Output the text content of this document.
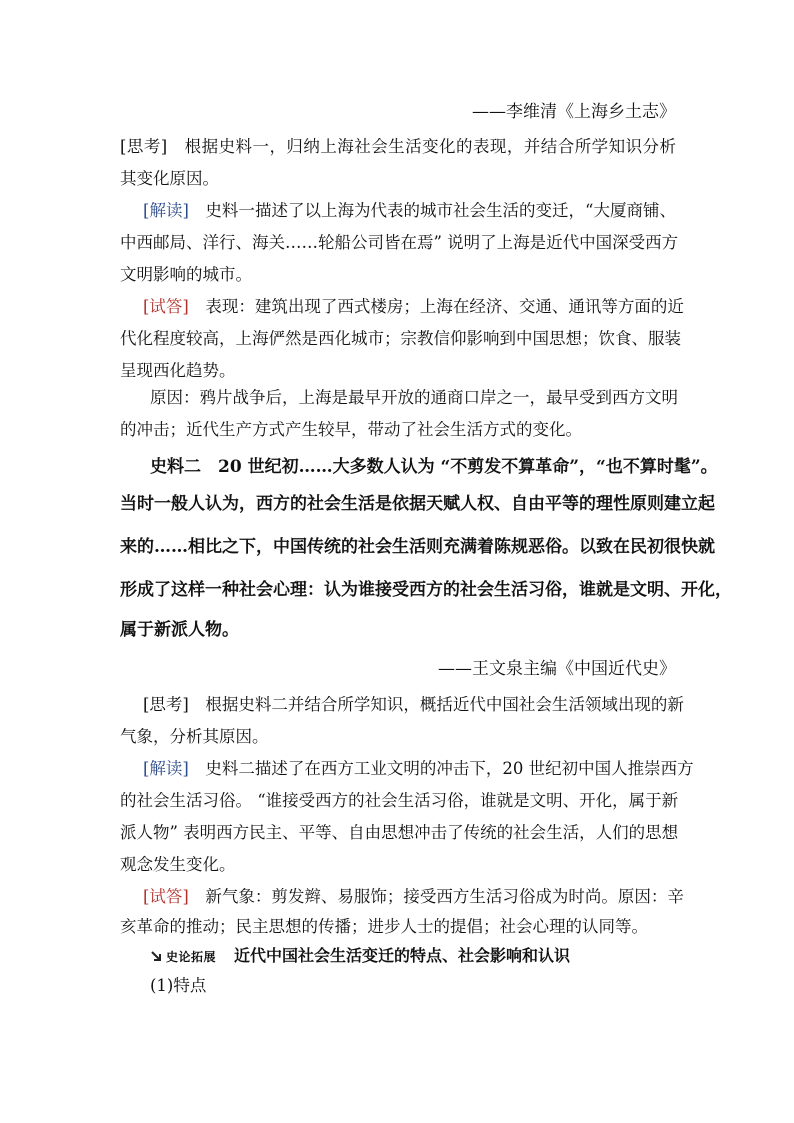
——李维清《上海乡土志》
[思考]　 根据史料一，归纳上海社会生活变化的表现，并结合所学知识分析
其变化原因。
[解读]　 史料一描述了以上海为代表的城市社会生活的变迁，“大厦商铺、
中西邮局、洋行、海关……轮船公司皆在焉” 说明了上海是近代中国深受西方
文明影响的城市。
[试答]　 表现：建筑出现了西式楼房；上海在经济、交通、通讯等方面的近
代化程度较高，上海俨然是西化城市；宗教信仰影响到中国思想；饮食、服装
呈现西化趋势。
原因：鸦片战争后，上海是最早开放的通商口岸之一，最早受到西方文明
的冲击；近代生产方式产生较早，带动了社会生活方式的变化。
史料二　20 世纪初……大多数人认为 “不剪发不算革命”，“也不算时髦”。
当时一般人认为，西方的社会生活是依据天赋人权、自由平等的理性原则建立起
来的……相比之下，中国传统的社会生活则充满着陈规恶俗。以致在民初很快就
形成了这样一种社会心理：认为谁接受西方的社会生活习俗，谁就是文明、开化，
属于新派人物。
——王文泉主编《中国近代史》
[思考]　 根据史料二并结合所学知识，概括近代中国社会生活领域出现的新
气象，分析其原因。
[解读]　 史料二描述了在西方工业文明的冲击下，20 世纪初中国人推崇西方
的社会生活习俗。 “谁接受西方的社会生活习俗，谁就是文明、开化，属于新
派人物” 表明西方民主、平等、自由思想冲击了传统的社会生活，人们的思想
观念发生变化。
[试答]　 新气象：剪发辫、易服饰；接受西方生活习俗成为时尚。原因：辛
亥革命的推动；民主思想的传播；进步人士的提倡；社会心理的认同等。
史论拓展 近代中国社会生活变迁的特点、社会影响和认识
(1)特点
